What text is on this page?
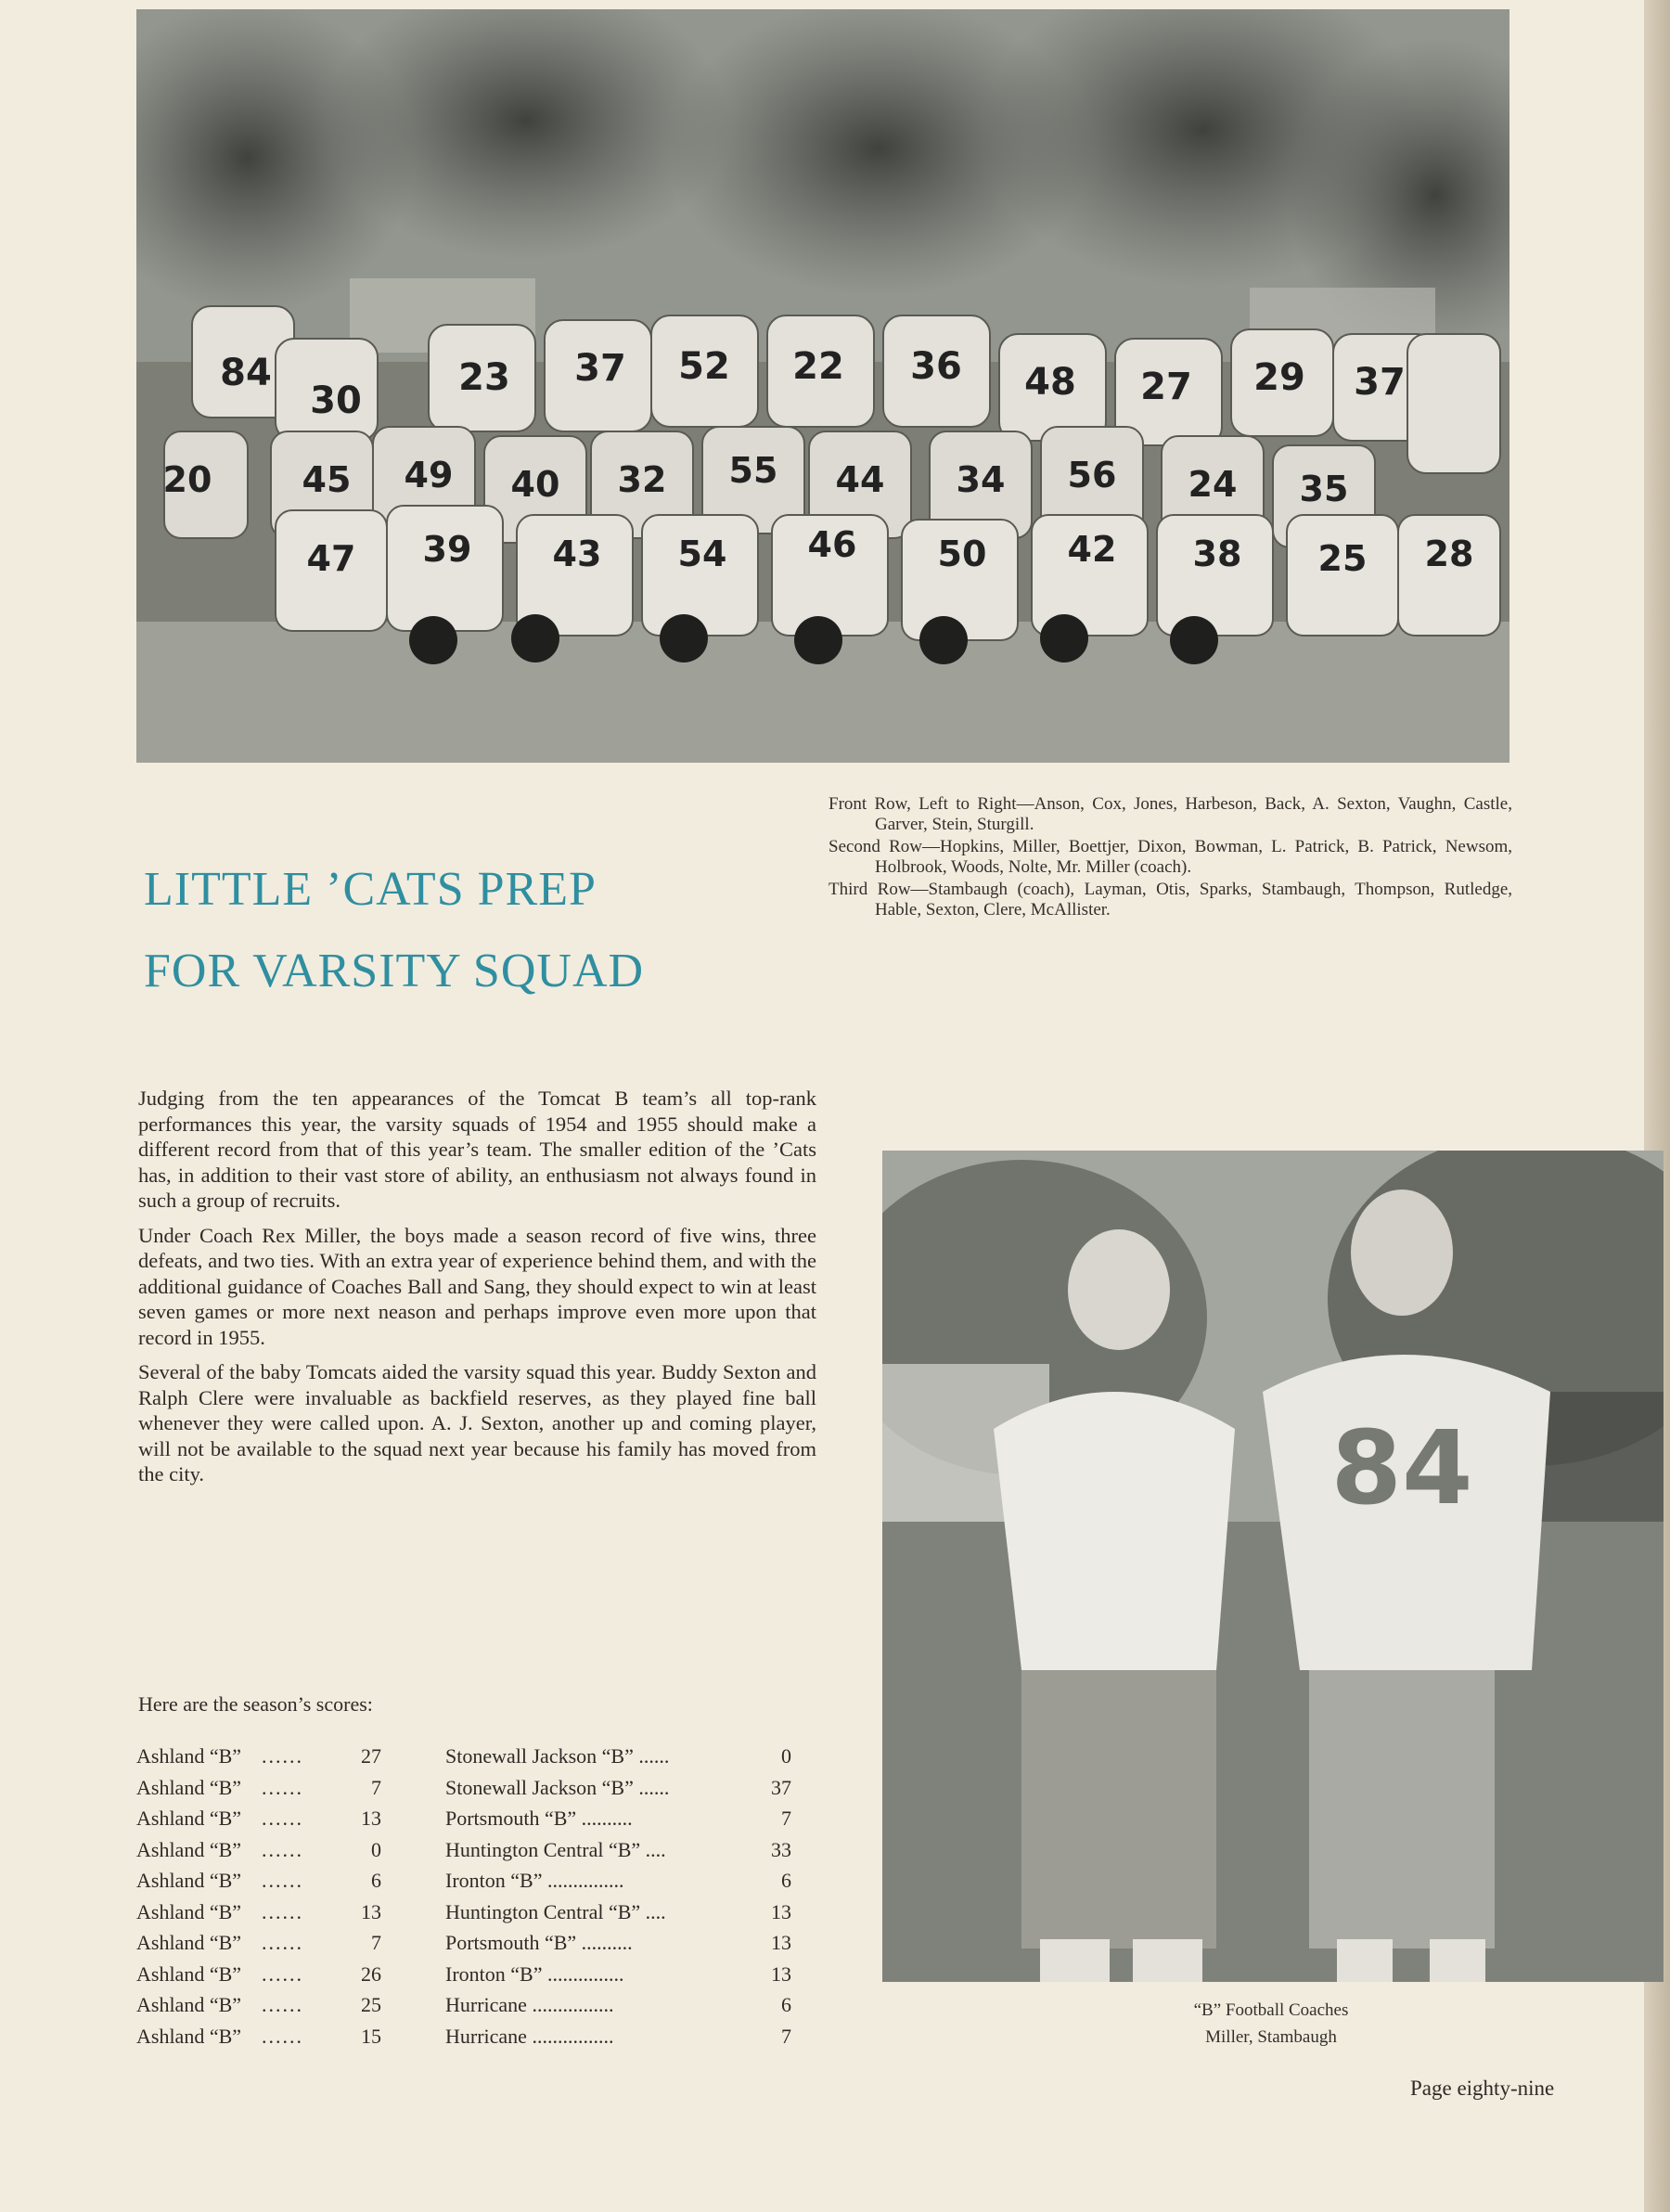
84
30
23 37 52 22 36 48 27 29 37
20	45 49 40 32 55 44 34 56 24 35
47 39 43 54 46 50 42 38 25 28

Front Row, Left to Right—Anson, Cox, Jones, Harbeson, Back, A. Sexton, Vaughn, Castle, Garver, Stein, Sturgill.

Second Row—Hopkins, Miller, Boettjer, Dixon, Bowman, L. Patrick, B. Patrick, Newsom, Holbrook, Woods, Nolte, Mr. Miller (coach).

Third Row—Stambaugh (coach), Layman, Otis, Sparks, Stambaugh, Thompson, Rutledge, Hable, Sexton, Clere, McAllister.

LITTLE ’CATS PREP
FOR VARSITY SQUAD

Judging from the ten appearances of the Tomcat B team’s all top-rank performances this year, the varsity squads of 1954 and 1955 should make a different record from that of this year’s team. The smaller edition of the ’Cats has, in addition to their vast store of ability, an enthusiasm not always found in such a group of recruits.

Under Coach Rex Miller, the boys made a season record of five wins, three defeats, and two ties. With an extra year of experience behind them, and with the additional guidance of Coaches Ball and Sang, they should expect to win at least seven games or more next neason and perhaps improve even more upon that record in 1955.

Several of the baby Tomcats aided the varsity squad this year. Buddy Sexton and Ralph Clere were invaluable as backfield reserves, as they played fine ball whenever they were called upon. A. J. Sexton, another up and coming player, will not be available to the squad next year because his family has moved from the city.

Here are the season’s scores:
Ashland “B” ......	27	Stonewall Jackson “B” ......	0
Ashland “B” ......	7	Stonewall Jackson “B” ......	37
Ashland “B” ......	13	Portsmouth “B” ..........	7
Ashland “B” ......	0	Huntington Central “B” ....	33
Ashland “B” ......	6	Ironton “B” ...............	6
Ashland “B” ......	13	Huntington Central “B” ....	13
Ashland “B” ......	7	Portsmouth “B” ..........	13
Ashland “B” ......	26	Ironton “B” ...............	13
Ashland “B” ......	25	Hurricane ................	6
Ashland “B” ......	15	Hurricane ................	7
84
“B” Football Coaches
Miller, Stambaugh
Page eighty-nine
